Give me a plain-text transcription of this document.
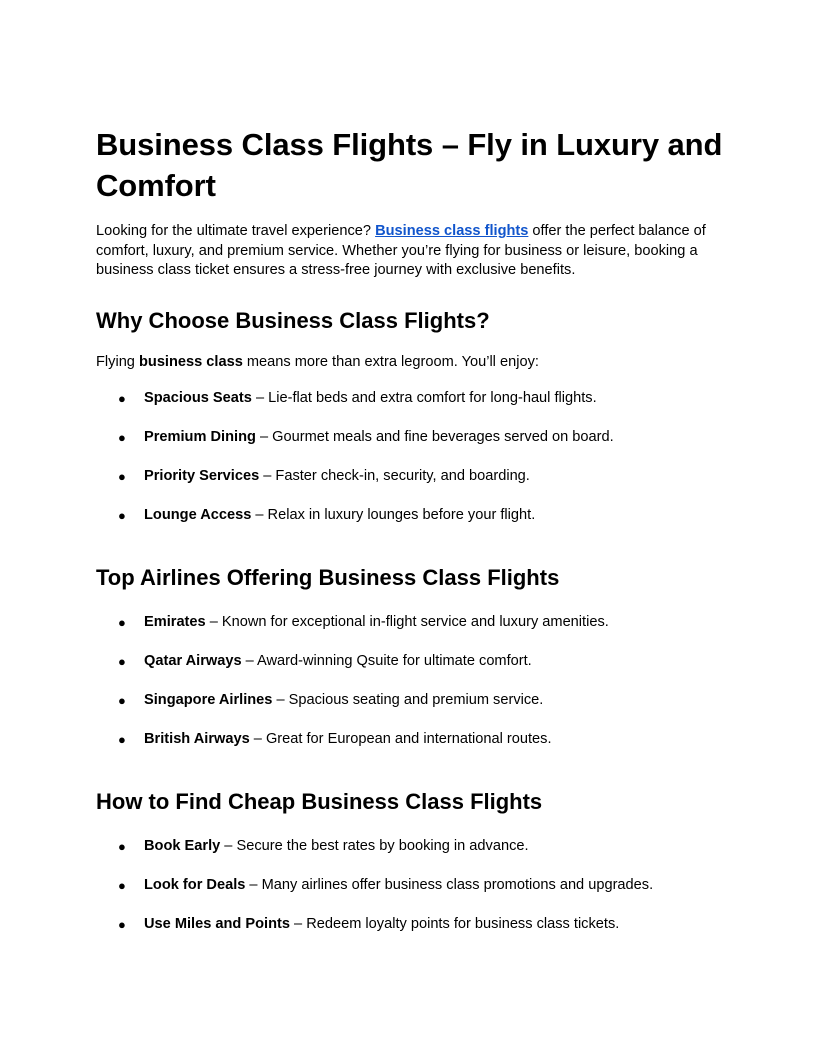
Business Class Flights – Fly in Luxury and Comfort

Looking for the ultimate travel experience? Business class flights offer the perfect balance of comfort, luxury, and premium service. Whether you’re flying for business or leisure, booking a business class ticket ensures a stress-free journey with exclusive benefits.

Why Choose Business Class Flights?

Flying business class means more than extra legroom. You’ll enjoy:

● Spacious Seats – Lie-flat beds and extra comfort for long-haul flights.
● Premium Dining – Gourmet meals and fine beverages served on board.
● Priority Services – Faster check-in, security, and boarding.
● Lounge Access – Relax in luxury lounges before your flight.
Top Airlines Offering Business Class Flights
● Emirates – Known for exceptional in-flight service and luxury amenities.
● Qatar Airways – Award-winning Qsuite for ultimate comfort.
● Singapore Airlines – Spacious seating and premium service.
● British Airways – Great for European and international routes.
How to Find Cheap Business Class Flights
● Book Early – Secure the best rates by booking in advance.
● Look for Deals – Many airlines offer business class promotions and upgrades.
● Use Miles and Points – Redeem loyalty points for business class tickets.
